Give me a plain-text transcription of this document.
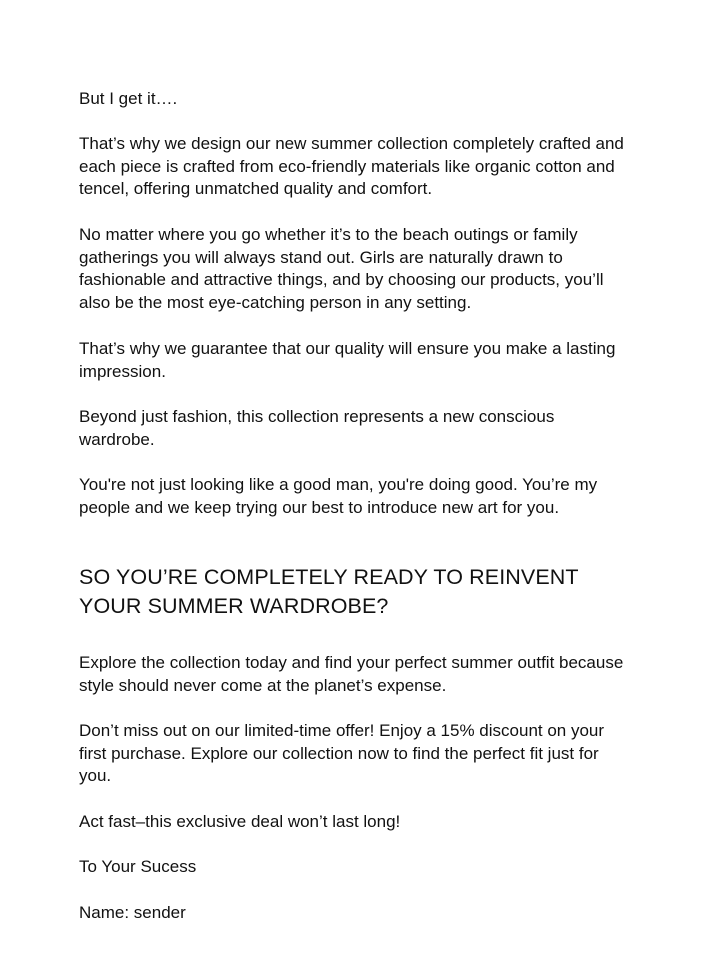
But I get it….

That’s why we design our new summer collection completely crafted and
each piece is crafted from eco-friendly materials like organic cotton and
tencel, offering unmatched quality and comfort.

No matter where you go whether it’s to the beach outings or family
gatherings you will always stand out. Girls are naturally drawn to
fashionable and attractive things, and by choosing our products, you’ll
also be the most eye-catching person in any setting.

That’s why we guarantee that our quality will ensure you make a lasting
impression.

Beyond just fashion, this collection represents a new conscious
wardrobe.

You're not just looking like a good man, you're doing good. You’re my
people and we keep trying our best to introduce new art for you.

SO YOU’RE COMPLETELY READY TO REINVENT
YOUR SUMMER WARDROBE?

Explore the collection today and find your perfect summer outfit because
style should never come at the planet’s expense.

Don’t miss out on our limited-time offer! Enjoy a 15% discount on your
first purchase. Explore our collection now to find the perfect fit just for
you.

Act fast–this exclusive deal won’t last long!

To Your Sucess

Name: sender
